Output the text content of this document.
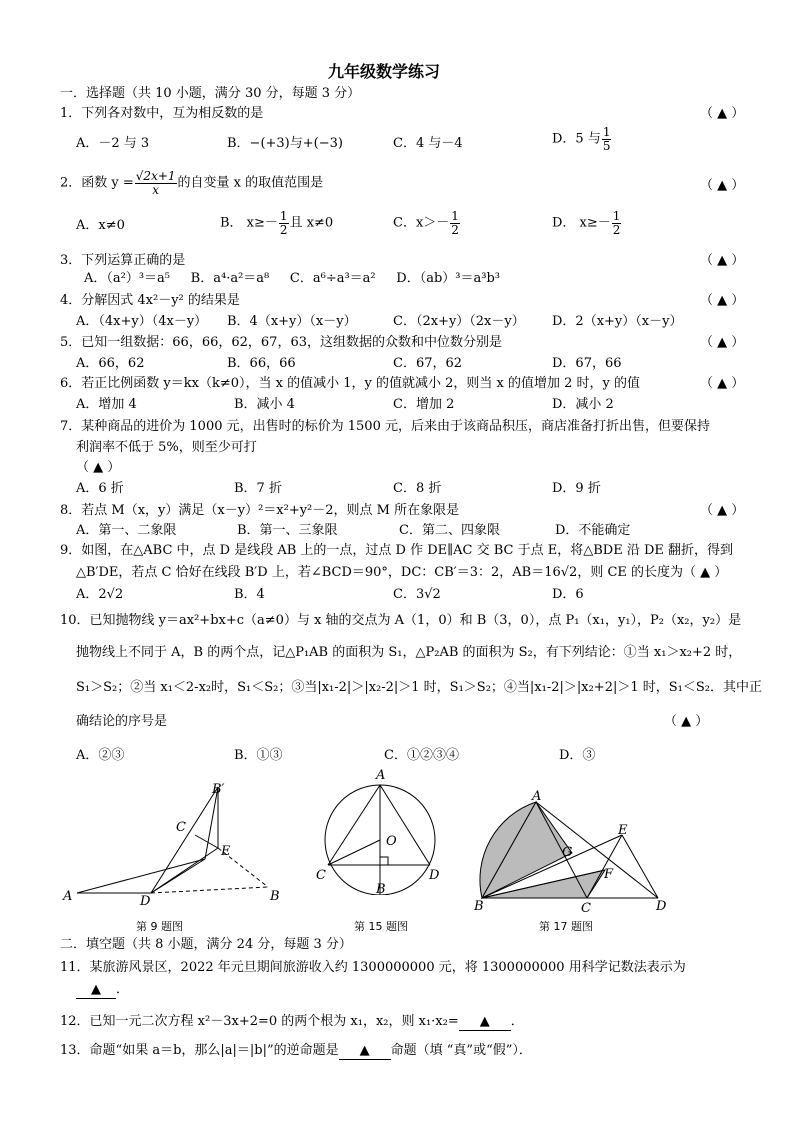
九年级数学练习
一．选择题（共 10 小题，满分 30 分，每题 3 分）
1．下列各对数中，互为相反数的是	（ ▲ ）
A．－2 与 3	B．−(+3)与+(−3)	C．4 与－4	D．5 与 $\frac{1}{5}$
2．函数 $y = \frac{√2x+1}{x}$ 的自变量 x 的取值范围是	（ ▲ ）
A．x≠0	B． $x\ge- \frac{1}{2}$ 且 x≠0	C．$x>- \frac{1}{2}$	D． $x\ge- \frac{1}{2}$
3．下列运算正确的是	（ ▲ ）
A．（a²）³＝a⁵     B．a⁴·a²＝a⁸     C．a⁶÷a³＝a²     D．（ab）³＝a³b³
4．分解因式 4x²－y² 的结果是	（ ▲ ）
A．（4x+y）（4x－y） B．4（x+y）（x－y）	C．（2x+y）（2x－y） D．2（x+y）（x－y）
5．已知一组数据：66，66，62，67，63，这组数据的众数和中位数分别是	（ ▲ ）
A．66，62	B．66，66	C．67，62	D．67，66
6．若正比例函数 y＝kx（k≠0），当 x 的值减小 1，y 的值就减小 2，则当 x 的值增加 2 时，y 的值	（ ▲ ）
A．增加 4	B．减小 4	C．增加 2	D．减小 2
7．某种商品的进价为 1000 元，出售时的标价为 1500 元，后来由于该商品积压，商店准备打折出售，但要保持
利润率不低于 5%，则至少可打
（ ▲ ）
A．6 折	B．7 折	C．8 折	D．9 折
8．若点 M（x，y）满足（x－y）²＝x²+y²－2，则点 M 所在象限是	（ ▲ ）
A．第一、二象限	B．第一、三象限	C．第二、四象限	D．不能确定
9．如图，在△ABC 中，点 D 是线段 AB 上的一点，过点 D 作 DE∥AC 交 BC 于点 E，将△BDE 沿 DE 翻折，得到
△B′DE，若点 C 恰好在线段 B′D 上，若∠BCD＝90°，DC：CB′＝3：2，AB＝16√2，则 CE 的长度为（ ▲ ）
A．2√2	B．4	C．3√2	D．6
10．已知抛物线 y＝ax²+bx+c（a≠0）与 x 轴的交点为 A（1，0）和 B（3，0），点 P₁（x₁，y₁），P₂（x₂，y₂）是
抛物线上不同于 A，B 的两个点，记△P₁AB 的面积为 S₁，△P₂AB 的面积为 S₂，有下列结论：①当 x₁＞x₂+2 时，
S₁＞S₂；②当 x₁＜2-x₂时，S₁＜S₂；③当|x₁-2|＞|x₂-2|＞1 时，S₁＞S₂；④当|x₁-2|＞|x₂+2|＞1 时，S₁＜S₂．其中正
确结论的序号是	（ ▲ ）
A．②③	B．①③	C．①②③④	D．③
A	B
B′
C
D
E
第 9 题图
A
O
C	D
B
第 15 题图
A
E
G
F
B	C	D
第 17 题图
二．填空题（共 8 小题，满分 24 分，每题 3 分）
11．某旅游风景区，2022 年元旦期间旅游收入约 1300000000 元，将 1300000000 用科学记数法表示为
▲ ．
12．已知一元二次方程 x²－3x+2=0 的两个根为 x₁，x₂，则 x₁·x₂= ▲ ．
13．命题“如果 a＝b，那么|a|＝|b|”的逆命题是 ▲ 命题（填 “真”或“假”）．
